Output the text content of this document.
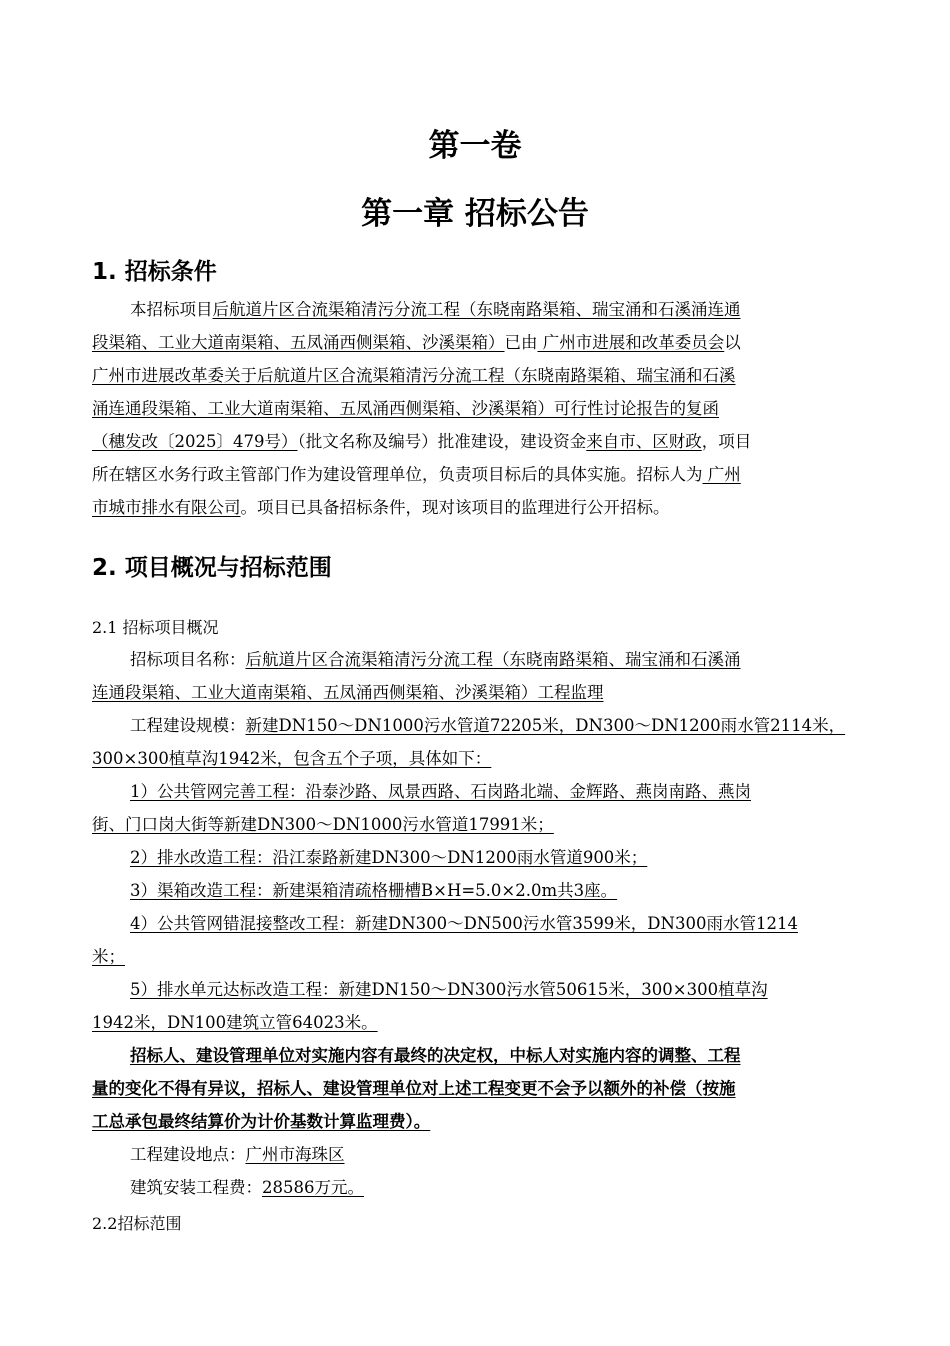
第一卷
第一章 招标公告
1. 招标条件

本招标项目后航道片区合流渠箱清污分流工程（东晓南路渠箱、瑞宝涌和石溪涌连通

段渠箱、工业大道南渠箱、五凤涌西侧渠箱、沙溪渠箱）已由 广州市进展和改革委员会以

广州市进展改革委关于后航道片区合流渠箱清污分流工程（东晓南路渠箱、瑞宝涌和石溪

涌连通段渠箱、工业大道南渠箱、五凤涌西侧渠箱、沙溪渠箱）可行性讨论报告的复函

（穗发改〔2025〕479号）（批文名称及编号）批准建设，建设资金来自市、区财政，项目

所在辖区水务行政主管部门作为建设管理单位，负责项目标后的具体实施。招标人为 广州

市城市排水有限公司。项目已具备招标条件，现对该项目的监理进行公开招标。

2. 项目概况与招标范围

2.1 招标项目概况

招标项目名称：后航道片区合流渠箱清污分流工程（东晓南路渠箱、瑞宝涌和石溪涌

连通段渠箱、工业大道南渠箱、五凤涌西侧渠箱、沙溪渠箱）工程监理

工程建设规模：新建DN150～DN1000污水管道72205米，DN300～DN1200雨水管2114米，

300×300植草沟1942米，包含五个子项，具体如下：

1）公共管网完善工程：沿泰沙路、凤景西路、石岗路北端、金辉路、燕岗南路、燕岗

街、门口岗大街等新建DN300～DN1000污水管道17991米；

2）排水改造工程：沿江泰路新建DN300～DN1200雨水管道900米；

3）渠箱改造工程：新建渠箱清疏格栅槽B×H=5.0×2.0m共3座。

4）公共管网错混接整改工程：新建DN300～DN500污水管3599米，DN300雨水管1214

米；

5）排水单元达标改造工程：新建DN150～DN300污水管50615米，300×300植草沟

1942米，DN100建筑立管64023米。

招标人、建设管理单位对实施内容有最终的决定权，中标人对实施内容的调整、工程

量的变化不得有异议，招标人、建设管理单位对上述工程变更不会予以额外的补偿（按施

工总承包最终结算价为计价基数计算监理费）。

工程建设地点：广州市海珠区

建筑安装工程费：28586万元。

2.2招标范围
